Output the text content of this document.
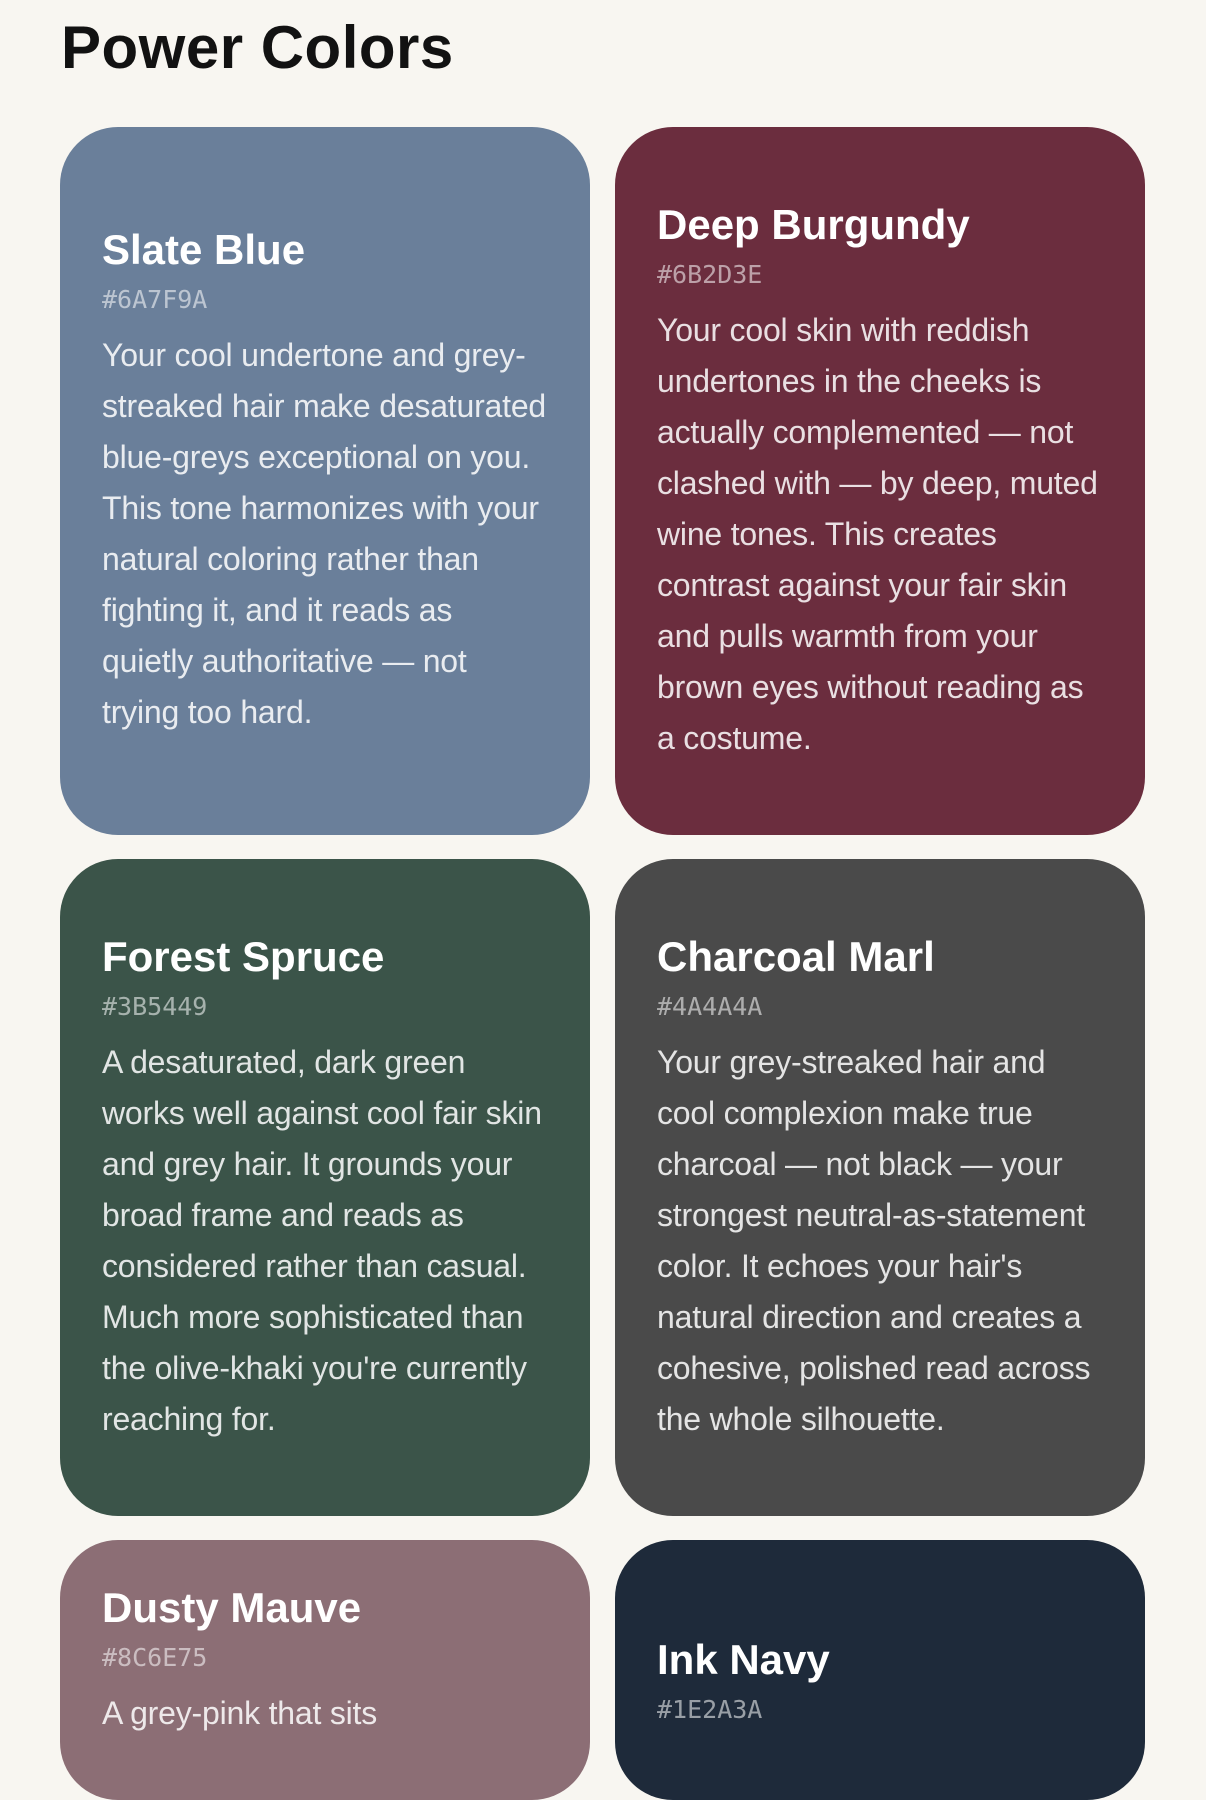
Power Colors
Slate Blue
#6A7F9A
Your cool undertone and grey-streaked hair make desaturated blue-greys exceptional on you. This tone harmonizes with your natural coloring rather than fighting it, and it reads as quietly authoritative — not trying too hard.
Deep Burgundy
#6B2D3E
Your cool skin with reddish undertones in the cheeks is actually complemented — not clashed with — by deep, muted wine tones. This creates contrast against your fair skin and pulls warmth from your brown eyes without reading as a costume.
Forest Spruce
#3B5449
A desaturated, dark green works well against cool fair skin and grey hair. It grounds your broad frame and reads as considered rather than casual. Much more sophisticated than the olive-khaki you're currently reaching for.
Charcoal Marl
#4A4A4A
Your grey-streaked hair and cool complexion make true charcoal — not black — your strongest neutral-as-statement color. It echoes your hair's natural direction and creates a cohesive, polished read across the whole silhouette.
Dusty Mauve
#8C6E75
A grey-pink that sits
Ink Navy
#1E2A3A
